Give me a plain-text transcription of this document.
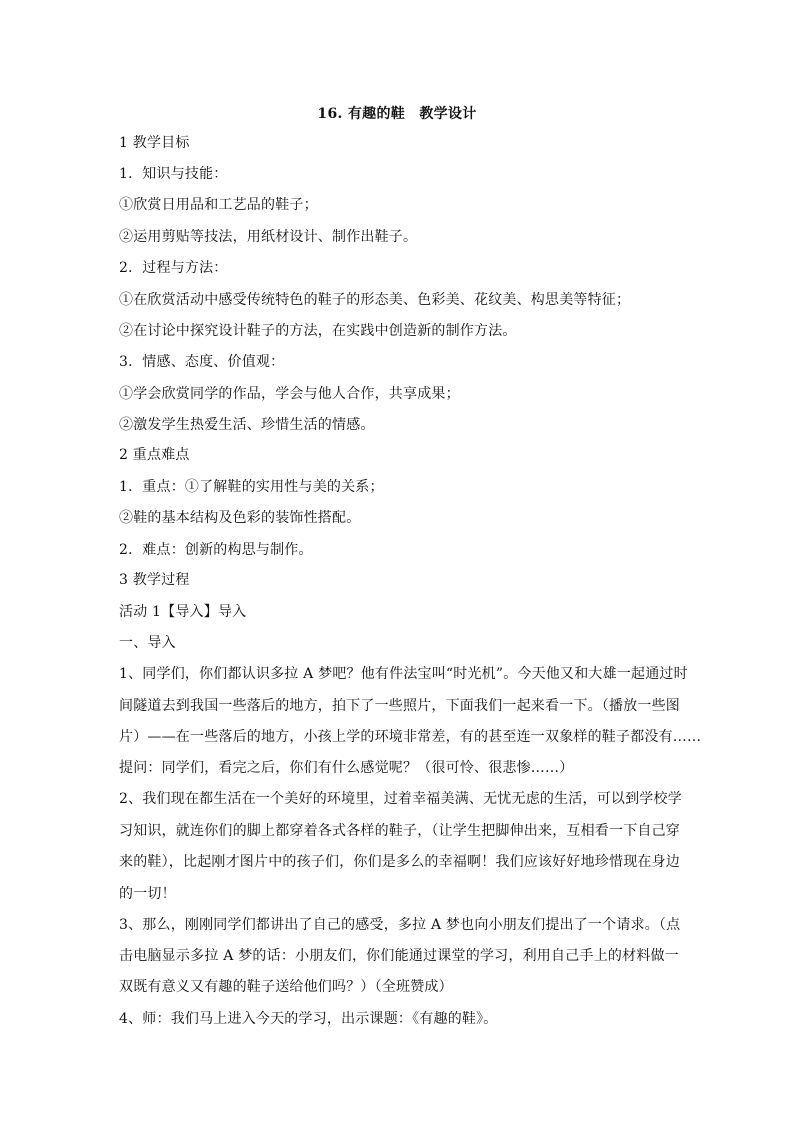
16. 有趣的鞋　教学设计
1 教学目标
1．知识与技能：
①欣赏日用品和工艺品的鞋子；
②运用剪贴等技法，用纸材设计、制作出鞋子。
2．过程与方法：
①在欣赏活动中感受传统特色的鞋子的形态美、色彩美、花纹美、构思美等特征；
②在讨论中探究设计鞋子的方法，在实践中创造新的制作方法。
3．情感、态度、价值观：
①学会欣赏同学的作品，学会与他人合作，共享成果；
②激发学生热爱生活、珍惜生活的情感。
2 重点难点
1．重点：①了解鞋的实用性与美的关系；
②鞋的基本结构及色彩的装饰性搭配。
2．难点：创新的构思与制作。
3 教学过程
活动 1【导入】导入
一、导入
1、同学们，你们都认识多拉 A 梦吧？他有件法宝叫“时光机”。今天他又和大雄一起通过时
间隧道去到我国一些落后的地方，拍下了一些照片，下面我们一起来看一下。（播放一些图
片）——在一些落后的地方，小孩上学的环境非常差，有的甚至连一双象样的鞋子都没有……
提问：同学们，看完之后，你们有什么感觉呢？（很可怜、很悲惨……）
2、我们现在都生活在一个美好的环境里，过着幸福美满、无忧无虑的生活，可以到学校学
习知识，就连你们的脚上都穿着各式各样的鞋子，（让学生把脚伸出来，互相看一下自己穿
来的鞋），比起刚才图片中的孩子们，你们是多么的幸福啊！我们应该好好地珍惜现在身边
的一切！
3、那么，刚刚同学们都讲出了自己的感受，多拉 A 梦也向小朋友们提出了一个请求。（点
击电脑显示多拉 A 梦的话：小朋友们，你们能通过课堂的学习，利用自己手上的材料做一
双既有意义又有趣的鞋子送给他们吗？）（全班赞成）
4、师：我们马上进入今天的学习，出示课题：《有趣的鞋》。
